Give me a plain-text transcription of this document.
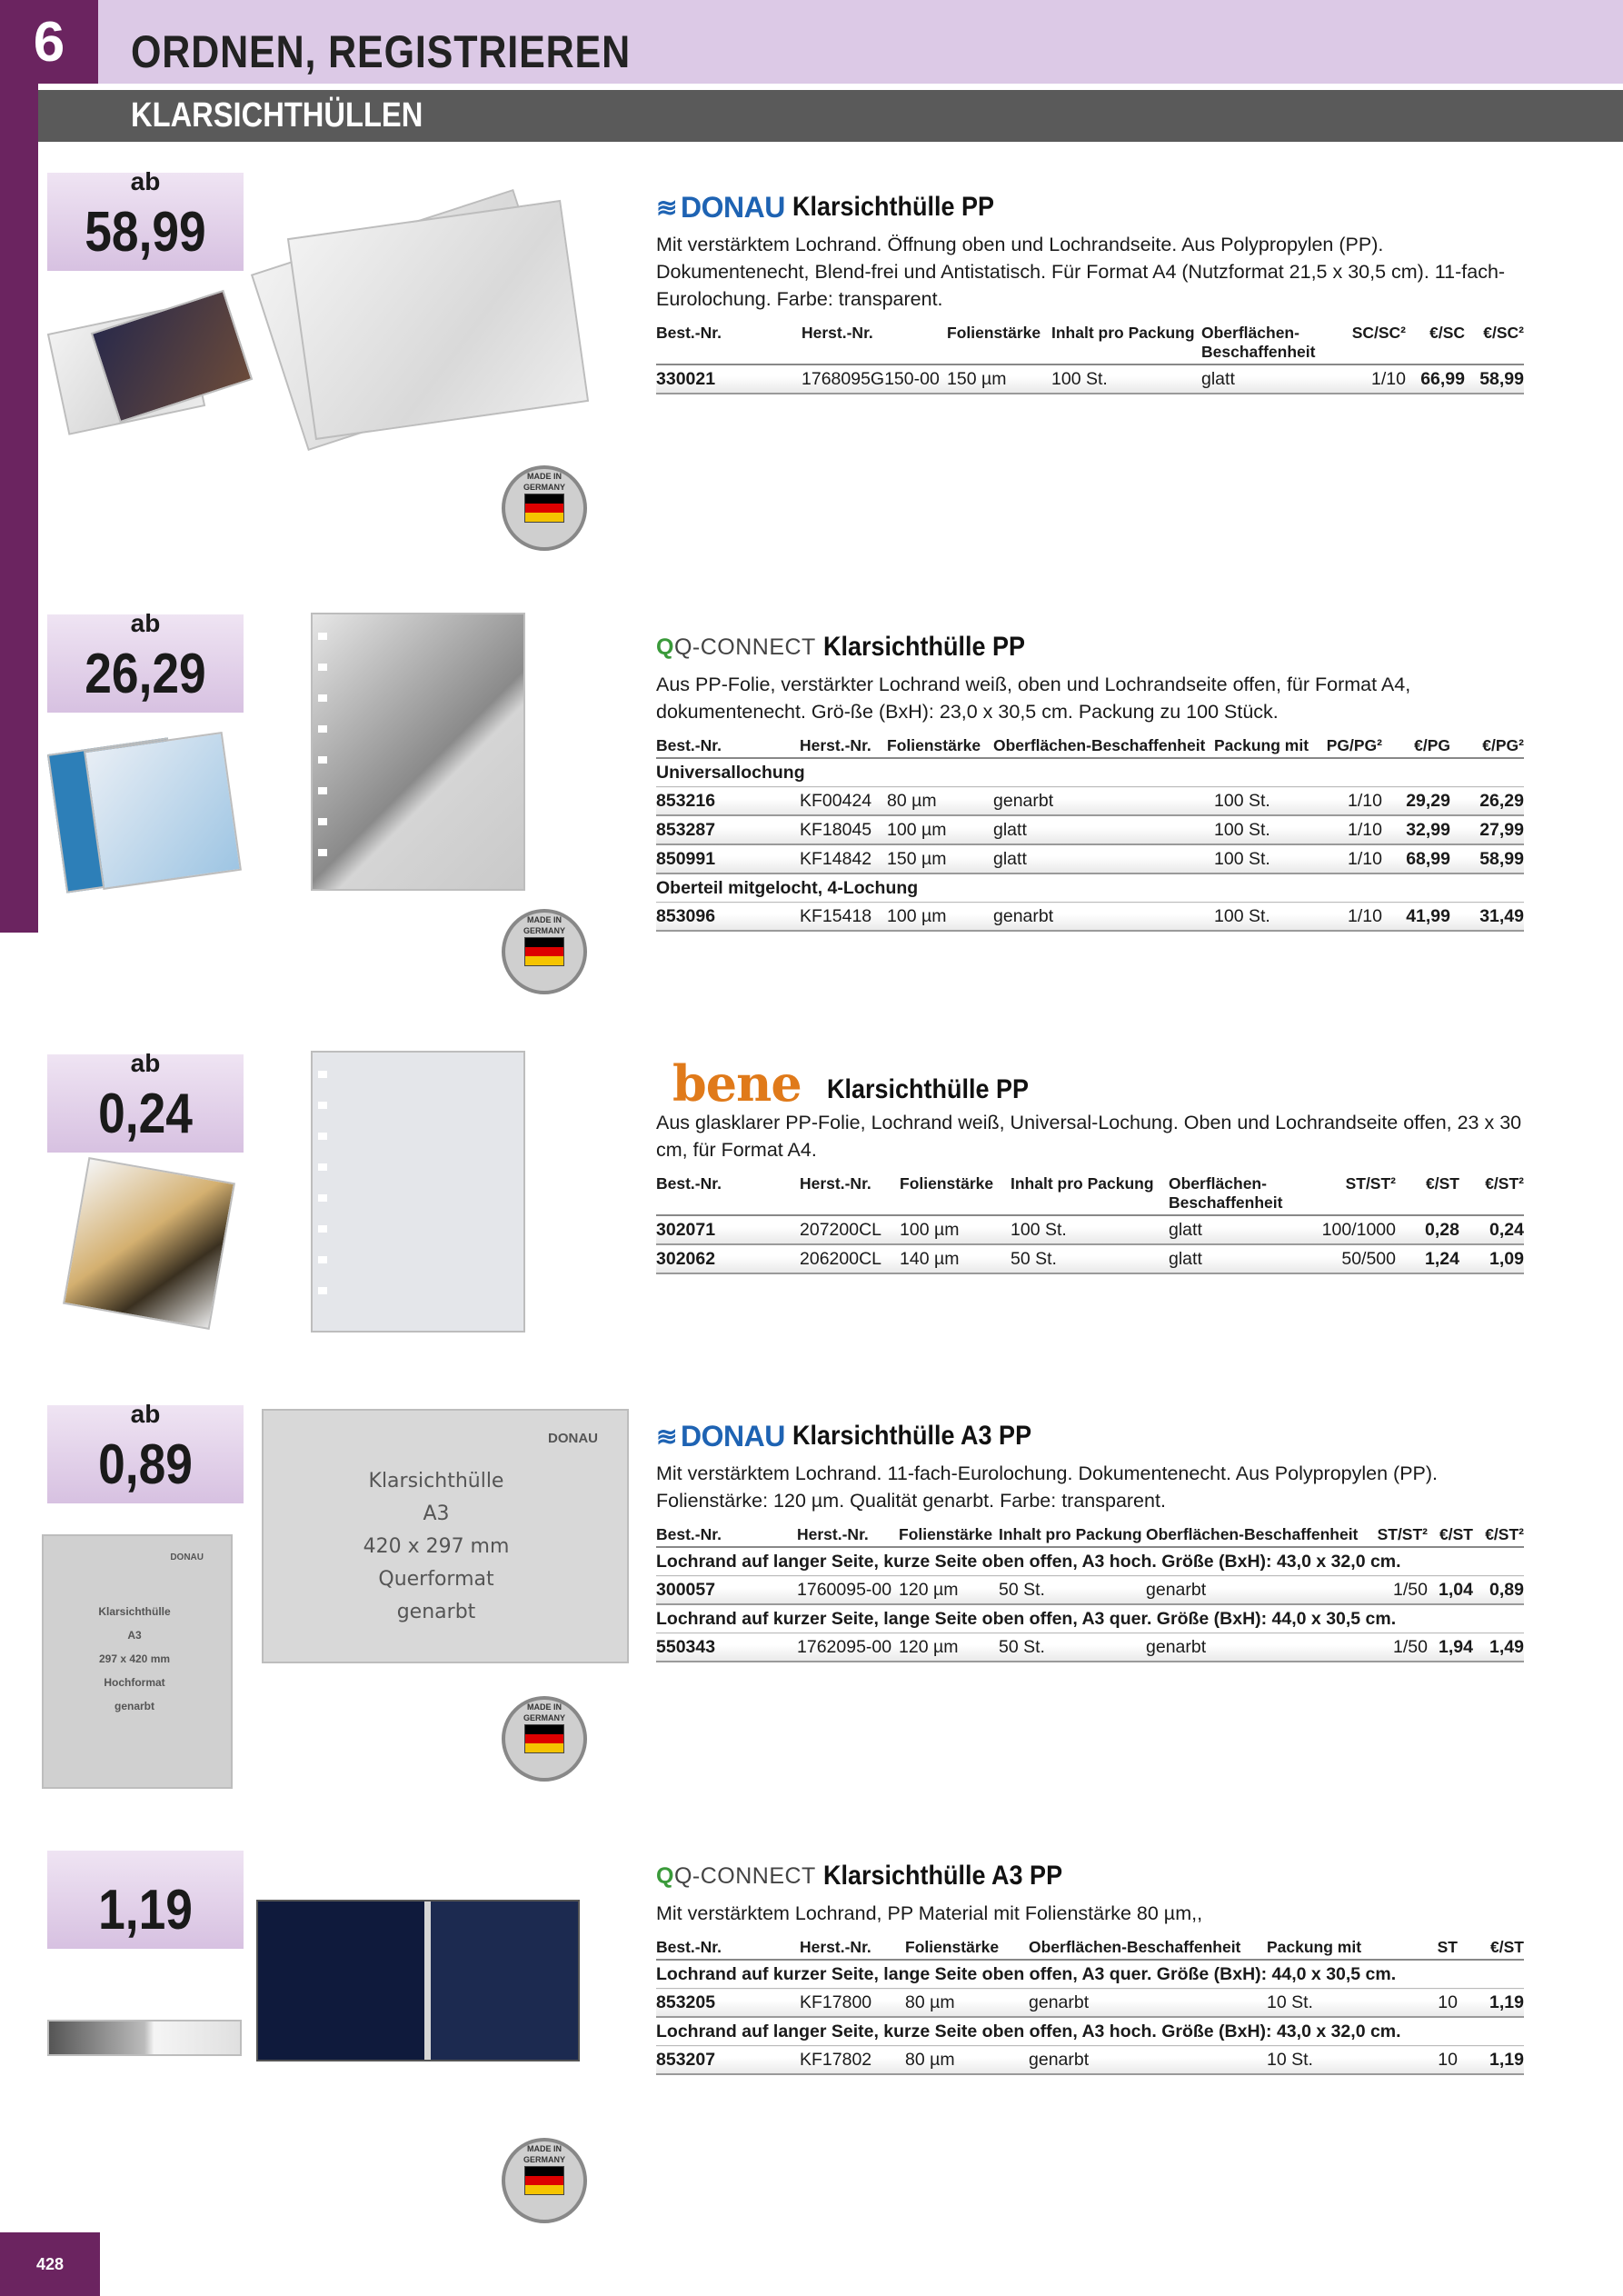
6	ORDNEN, REGISTRIEREN
KLARSICHTHÜLLEN
ab
58,99
ab
26,29
ab
0,24
ab
0,89
1,19
MADE IN GERMANY
MADE IN GERMANY
DONAU
Klarsichthülle
A3
420 x 297 mm
Querformat
genarbt
DONAU
Klarsichthülle
A3
297 x 420 mm
Hochformat
genarbt	MADE IN GERMANY
MADE IN GERMANY
≋ DONAU Klarsichthülle PP
Mit verstärktem Lochrand. Öffnung oben und Lochrandseite. Aus Polypropylen (PP). Dokumentenecht, Blend-frei und Antistatisch. Für Format A4 (Nutzformat 21,5 x 30,5 cm). 11-fach-Eurolochung. Farbe: transparent.
Best.-Nr.	Herst.-Nr.	Folienstärke	Inhalt pro Packung	Oberflächen-Beschaffenheit	SC/SC²	€/SC	€/SC²
330021	1768095G150-00	150 µm	100 St.	glatt	1/10	66,99	58,99
Q Q-CONNECT Klarsichthülle PP
Aus PP-Folie, verstärkter Lochrand weiß, oben und Lochrandseite offen, für Format A4, dokumentenecht. Grö-ße (BxH): 23,0 x 30,5 cm. Packung zu 100 Stück.
Best.-Nr.	Herst.-Nr.	Folienstärke	Oberflächen-Beschaffenheit	Packung mit	PG/PG²	€/PG	€/PG²
Universallochung							
853216	KF00424	80 µm	genarbt	100 St.	1/10	29,29	26,29
853287	KF18045	100 µm	glatt	100 St.	1/10	32,99	27,99
850991	KF14842	150 µm	glatt	100 St.	1/10	68,99	58,99
Oberteil mitgelocht, 4-Lochung							
853096	KF15418	100 µm	genarbt	100 St.	1/10	41,99	31,49
bene Klarsichthülle PP
Aus glasklarer PP-Folie, Lochrand weiß, Universal-Lochung. Oben und Lochrandseite offen, 23 x 30 cm, für Format A4.
Best.-Nr.	Herst.-Nr.	Folienstärke	Inhalt pro Packung	Oberflächen-Beschaffenheit	ST/ST²	€/ST	€/ST²
302071	207200CL	100 µm	100 St.	glatt	100/1000	0,28	0,24
302062	206200CL	140 µm	50 St.	glatt	50/500	1,24	1,09
≋ DONAU Klarsichthülle A3 PP
Mit verstärktem Lochrand. 11-fach-Eurolochung. Dokumentenecht. Aus Polypropylen (PP). Folienstärke: 120 µm. Qualität genarbt. Farbe: transparent.
Best.-Nr.	Herst.-Nr.	Folienstärke	Inhalt pro Packung	Oberflächen-Beschaffenheit	ST/ST²	€/ST	€/ST²
Lochrand auf langer Seite, kurze Seite oben offen, A3 hoch. Größe (BxH): 43,0 x 32,0 cm.							
300057	1760095-00	120 µm	50 St.	genarbt	1/50	1,04	0,89
Lochrand auf kurzer Seite, lange Seite oben offen, A3 quer. Größe (BxH): 44,0 x 30,5 cm.							
550343	1762095-00	120 µm	50 St.	genarbt	1/50	1,94	1,49
Q Q-CONNECT Klarsichthülle A3 PP
Mit verstärktem Lochrand, PP Material mit Folienstärke 80 µm,,
Best.-Nr.	Herst.-Nr.	Folienstärke	Oberflächen-Beschaffenheit	Packung mit	ST	€/ST
Lochrand auf kurzer Seite, lange Seite oben offen, A3 quer. Größe (BxH): 44,0 x 30,5 cm.						
853205	KF17800	80 µm	genarbt	10 St.	10	1,19
Lochrand auf langer Seite, kurze Seite oben offen, A3 hoch. Größe (BxH): 43,0 x 32,0 cm.						
853207	KF17802	80 µm	genarbt	10 St.	10	1,19
428
